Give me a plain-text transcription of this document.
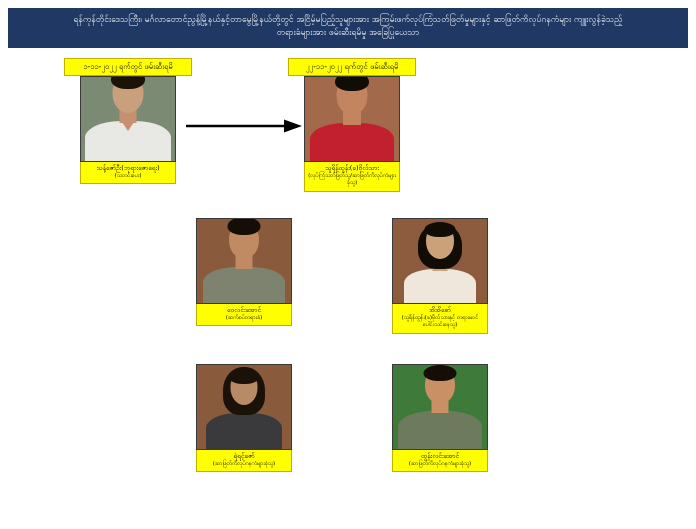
ရန်ကုန်တိုင်းဒေသကြီး၊ မင်္ဂလာတောင်ညွန့်မြို့နယ်နှင့်တာမွေမြို့နယ်တို့တွင် အငြိမ့်မပြည့်သူများအား အကြမ်းဖက်လုပ်ကြံသတ်ဖြတ်မှုများနှင့် ဆာဖြတ်ကိလုပ်ဂနကံများ ကျူးလွန်ခဲ့သည့်
တရားခံများအား ဖမ်းဆီးရမိမှု အခြေပြုယေသာ
၁-၁၁-၂၀၂၂ ရက်တွင် ဖမ်းဆီးရမိ	၂၂-၁၁-၂၀၂၂ ရက်တွင် ဖမ်းဆီးရမိ
သန့်ဇော်ဦး(ဘုရားဇောရေး)
(သတင်းပေး)
သူရိန်ထွန်း(ခ)ဗိုလ်သား
(လုပ်ကြံသတ်ဖြတ်သူ/ဆာဖြတ်ကိလုပ်ကံများခုံသူ)
ဝေလင်းအောင်
(ဆက်စပ်တရားခံ)
အိအိစော်
(သူရိန်ထွန်း(ခ)ဗိုလ်သားနှင့် တရားမဝင်ပေါင်းသင်းနေသူ)
ရဲရင့်ဇော်
(ဆာဖြတ်ကိလုပ်ဂနကံများခုံသူ)
ထွန်းလင်းအောင်
(ဆာဖြတ်ကိလုပ်ဂနကံများခုံသူ)
